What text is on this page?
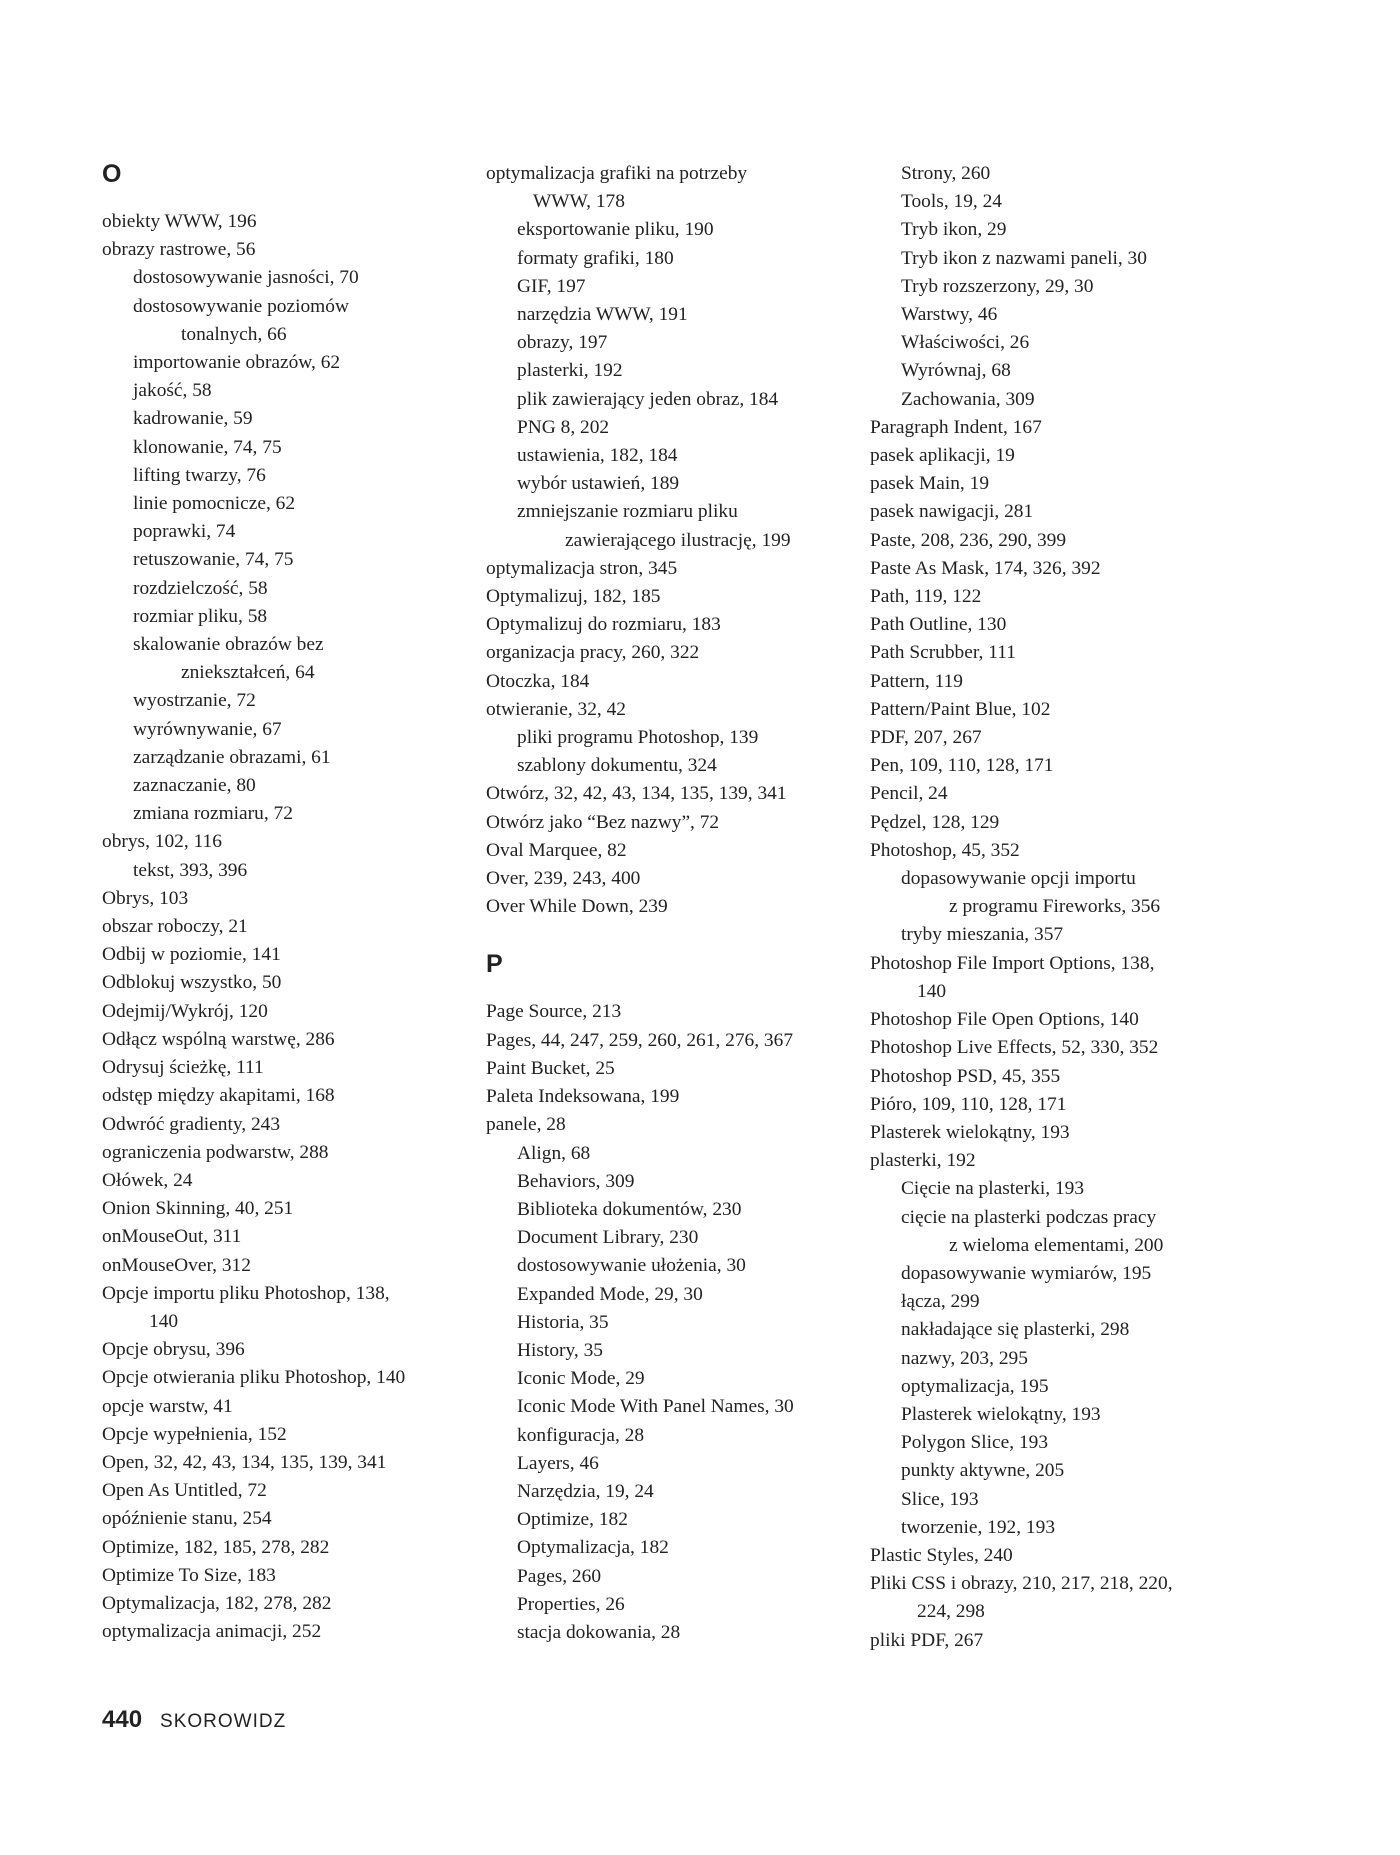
O
obiekty WWW, 196
obrazy rastrowe, 56
dostosowywanie jasności, 70
dostosowywanie poziomów
tonalnych, 66
importowanie obrazów, 62
jakość, 58
kadrowanie, 59
klonowanie, 74, 75
lifting twarzy, 76
linie pomocnicze, 62
poprawki, 74
retuszowanie, 74, 75
rozdzielczość, 58
rozmiar pliku, 58
skalowanie obrazów bez
zniekształceń, 64
wyostrzanie, 72
wyrównywanie, 67
zarządzanie obrazami, 61
zaznaczanie, 80
zmiana rozmiaru, 72
obrys, 102, 116
tekst, 393, 396
Obrys, 103
obszar roboczy, 21
Odbij w poziomie, 141
Odblokuj wszystko, 50
Odejmij/Wykrój, 120
Odłącz wspólną warstwę, 286
Odrysuj ścieżkę, 111
odstęp między akapitami, 168
Odwróć gradienty, 243
ograniczenia podwarstw, 288
Ołówek, 24
Onion Skinning, 40, 251
onMouseOut, 311
onMouseOver, 312
Opcje importu pliku Photoshop, 138,
140
Opcje obrysu, 396
Opcje otwierania pliku Photoshop, 140
opcje warstw, 41
Opcje wypełnienia, 152
Open, 32, 42, 43, 134, 135, 139, 341
Open As Untitled, 72
opóźnienie stanu, 254
Optimize, 182, 185, 278, 282
Optimize To Size, 183
Optymalizacja, 182, 278, 282
optymalizacja animacji, 252
optymalizacja grafiki na potrzeby
WWW, 178
eksportowanie pliku, 190
formaty grafiki, 180
GIF, 197
narzędzia WWW, 191
obrazy, 197
plasterki, 192
plik zawierający jeden obraz, 184
PNG 8, 202
ustawienia, 182, 184
wybór ustawień, 189
zmniejszanie rozmiaru pliku
zawierającego ilustrację, 199
optymalizacja stron, 345
Optymalizuj, 182, 185
Optymalizuj do rozmiaru, 183
organizacja pracy, 260, 322
Otoczka, 184
otwieranie, 32, 42
pliki programu Photoshop, 139
szablony dokumentu, 324
Otwórz, 32, 42, 43, 134, 135, 139, 341
Otwórz jako “Bez nazwy”, 72
Oval Marquee, 82
Over, 239, 243, 400
Over While Down, 239
P
Page Source, 213
Pages, 44, 247, 259, 260, 261, 276, 367
Paint Bucket, 25
Paleta Indeksowana, 199
panele, 28
Align, 68
Behaviors, 309
Biblioteka dokumentów, 230
Document Library, 230
dostosowywanie ułożenia, 30
Expanded Mode, 29, 30
Historia, 35
History, 35
Iconic Mode, 29
Iconic Mode With Panel Names, 30
konfiguracja, 28
Layers, 46
Narzędzia, 19, 24
Optimize, 182
Optymalizacja, 182
Pages, 260
Properties, 26
stacja dokowania, 28
Strony, 260
Tools, 19, 24
Tryb ikon, 29
Tryb ikon z nazwami paneli, 30
Tryb rozszerzony, 29, 30
Warstwy, 46
Właściwości, 26
Wyrównaj, 68
Zachowania, 309
Paragraph Indent, 167
pasek aplikacji, 19
pasek Main, 19
pasek nawigacji, 281
Paste, 208, 236, 290, 399
Paste As Mask, 174, 326, 392
Path, 119, 122
Path Outline, 130
Path Scrubber, 111
Pattern, 119
Pattern/Paint Blue, 102
PDF, 207, 267
Pen, 109, 110, 128, 171
Pencil, 24
Pędzel, 128, 129
Photoshop, 45, 352
dopasowywanie opcji importu
z programu Fireworks, 356
tryby mieszania, 357
Photoshop File Import Options, 138,
140
Photoshop File Open Options, 140
Photoshop Live Effects, 52, 330, 352
Photoshop PSD, 45, 355
Pióro, 109, 110, 128, 171
Plasterek wielokątny, 193
plasterki, 192
Cięcie na plasterki, 193
cięcie na plasterki podczas pracy
z wieloma elementami, 200
dopasowywanie wymiarów, 195
łącza, 299
nakładające się plasterki, 298
nazwy, 203, 295
optymalizacja, 195
Plasterek wielokątny, 193
Polygon Slice, 193
punkty aktywne, 205
Slice, 193
tworzenie, 192, 193
Plastic Styles, 240
Pliki CSS i obrazy, 210, 217, 218, 220,
224, 298
pliki PDF, 267
440 SKOROWIDZ
